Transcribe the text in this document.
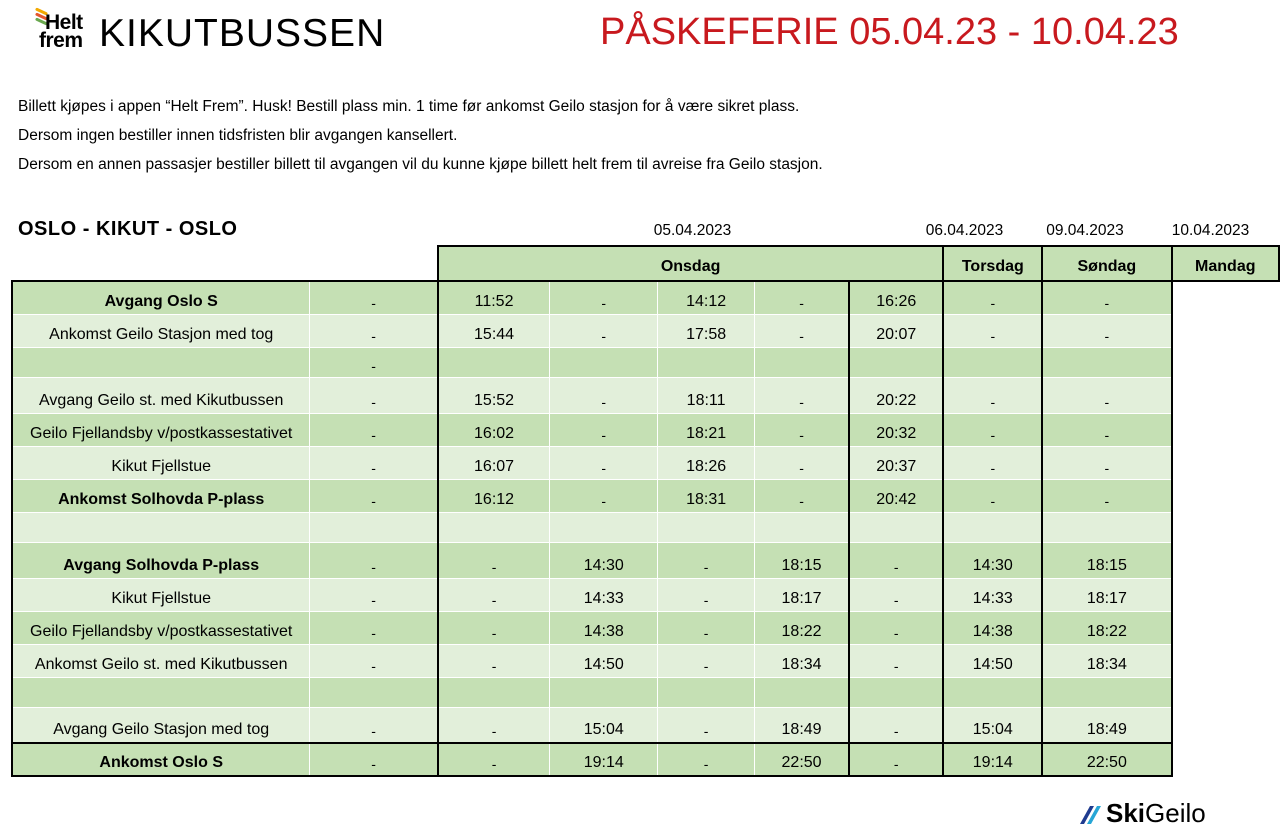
Helt
frem KIKUTBUSSEN	PÅSKEFERIE 05.04.23 - 10.04.23

Billett kjøpes i appen “Helt Frem”. Husk! Bestill plass min. 1 time før ankomst Geilo stasjon for å være sikret plass.

Dersom ingen bestiller innen tidsfristen blir avgangen kansellert.

Dersom en annen passasjer bestiller billett til avgangen vil du kunne kjøpe billett helt frem til avreise fra Geilo stasjon.

OSLO - KIKUT - OSLO	05.04.2023	06.04.2023	09.04.2023	10.04.2023
		Onsdag					Torsdag	Søndag	Mandag
Avgang Oslo S	-	11:52	-	14:12	-	16:26	-	-	
Ankomst Geilo Stasjon med tog	-	15:44	-	17:58	-	20:07	-	-	
	-								
Avgang Geilo st. med Kikutbussen	-	15:52	-	18:11	-	20:22	-	-	
Geilo Fjellandsby v/postkassestativet	-	16:02	-	18:21	-	20:32	-	-	
Kikut Fjellstue	-	16:07	-	18:26	-	20:37	-	-	
Ankomst Solhovda P-plass	-	16:12	-	18:31	-	20:42	-	-	

Avgang Solhovda P-plass	-	-	14:30	-	18:15	-	14:30	18:15	
Kikut Fjellstue	-	-	14:33	-	18:17	-	14:33	18:17	
Geilo Fjellandsby v/postkassestativet	-	-	14:38	-	18:22	-	14:38	18:22	
Ankomst Geilo st. med Kikutbussen	-	-	14:50	-	18:34	-	14:50	18:34	

Avgang Geilo Stasjon med tog	-	-	15:04	-	18:49	-	15:04	18:49	
Ankomst Oslo S	-	-	19:14	-	22:50	-	19:14	22:50	
SkiGeilo
